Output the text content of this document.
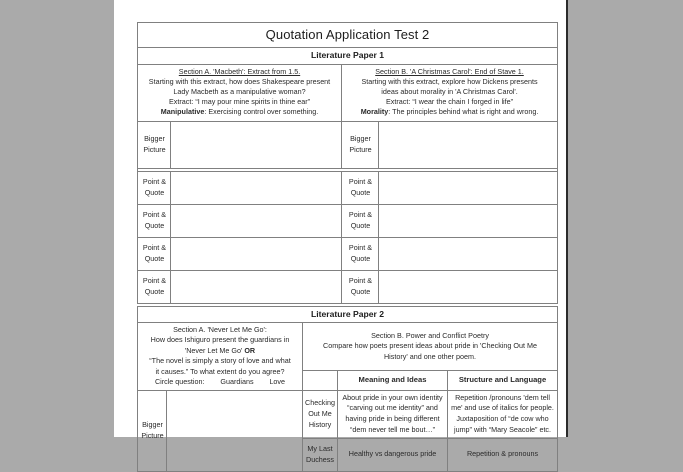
Quotation Application Test 2			
Literature Paper 1			

Section A. 'Macbeth': Extract from 1.5.
Starting with this extract, how does Shakespeare present
Lady Macbeth as a manipulative woman?
Extract: “I may pour mine spirits in thine ear”
Manipulative: Exercising control over something.

Section B. 'A Christmas Carol': End of Stave 1.
Starting with this extract, explore how Dickens presents
ideas about morality in 'A Christmas Carol'.
Extract: “I wear the chain I forged in life”
Morality: The principles behind what is right and wrong.

Bigger Picture		Bigger Picture	

Point & Quote		Point & Quote	
Point & Quote		Point & Quote	
Point & Quote		Point & Quote	
Point & Quote		Point & Quote	
Literature Paper 2				

Section A. 'Never Let Me Go':
How does Ishiguro present the guardians in
'Never Let Me Go' OR
“The novel is simply a story of love and what
it causes.” To what extent do you agree?
Circle question: Guardians Love

Section B. Power and Conflict Poetry
Compare how poets present ideas about pride in 'Checking Out Me
History' and one other poem.

			Meaning and Ideas	Structure and Language
Bigger Picture		Checking Out Me History	About pride in your own identity “carving out me identity” and having pride in being different “dem never tell me bout…”	Repetition /pronouns 'dem tell me' and use of italics for people. Juxtaposition of “de cow who jump” with “Mary Seacole” etc.
		My Last Duchess	Healthy vs dangerous pride	Repetition & pronouns
